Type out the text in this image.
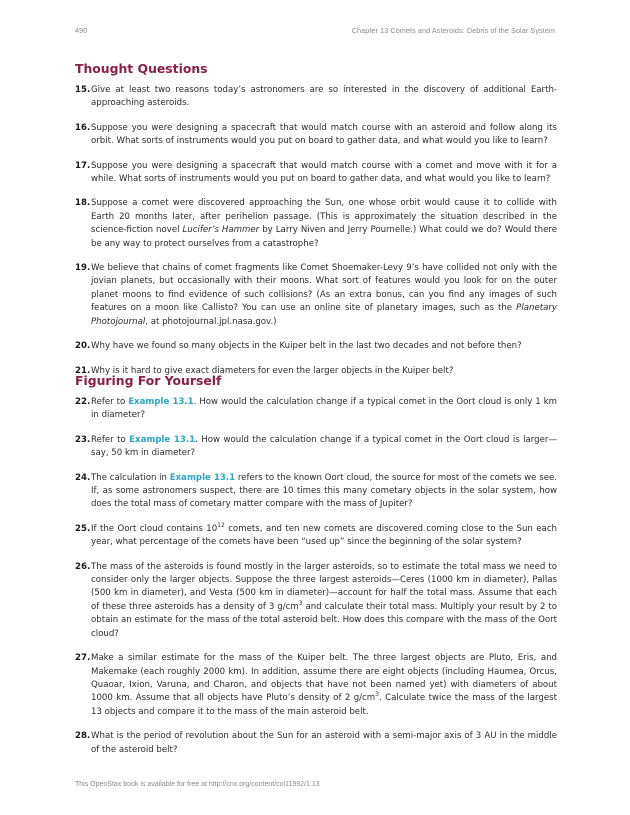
490	Chapter 13 Comets and Asteroids: Debris of the Solar System
Thought Questions
15. Give at least two reasons today’s astronomers are so interested in the discovery of additional Earth-approaching asteroids.
16. Suppose you were designing a spacecraft that would match course with an asteroid and follow along its orbit. What sorts of instruments would you put on board to gather data, and what would you like to learn?
17. Suppose you were designing a spacecraft that would match course with a comet and move with it for a while. What sorts of instruments would you put on board to gather data, and what would you like to learn?
18. Suppose a comet were discovered approaching the Sun, one whose orbit would cause it to collide with Earth 20 months later, after perihelion passage. (This is approximately the situation described in the science-fiction novel Lucifer’s Hammer by Larry Niven and Jerry Pournelle.) What could we do? Would there be any way to protect ourselves from a catastrophe?
19. We believe that chains of comet fragments like Comet Shoemaker-Levy 9’s have collided not only with the jovian planets, but occasionally with their moons. What sort of features would you look for on the outer planet moons to find evidence of such collisions? (As an extra bonus, can you find any images of such features on a moon like Callisto? You can use an online site of planetary images, such as the Planetary Photojournal, at photojournal.jpl.nasa.gov.)
20. Why have we found so many objects in the Kuiper belt in the last two decades and not before then?
21. Why is it hard to give exact diameters for even the larger objects in the Kuiper belt?
Figuring For Yourself
22. Refer to Example 13.1. How would the calculation change if a typical comet in the Oort cloud is only 1 km in diameter?
23. Refer to Example 13.1. How would the calculation change if a typical comet in the Oort cloud is larger—say, 50 km in diameter?
24. The calculation in Example 13.1 refers to the known Oort cloud, the source for most of the comets we see. If, as some astronomers suspect, there are 10 times this many cometary objects in the solar system, how does the total mass of cometary matter compare with the mass of Jupiter?
25. If the Oort cloud contains $10^{12}$ comets, and ten new comets are discovered coming close to the Sun each year, what percentage of the comets have been “used up” since the beginning of the solar system?
26. The mass of the asteroids is found mostly in the larger asteroids, so to estimate the total mass we need to consider only the larger objects. Suppose the three largest asteroids—Ceres (1000 km in diameter), Pallas (500 km in diameter), and Vesta (500 km in diameter)—account for half the total mass. Assume that each of these three asteroids has a density of 3 $g/cm^3$ and calculate their total mass. Multiply your result by 2 to obtain an estimate for the mass of the total asteroid belt. How does this compare with the mass of the Oort cloud?
27. Make a similar estimate for the mass of the Kuiper belt. The three largest objects are Pluto, Eris, and Makemake (each roughly 2000 km). In addition, assume there are eight objects (including Haumea, Orcus, Quaoar, Ixion, Varuna, and Charon, and objects that have not been named yet) with diameters of about 1000 km. Assume that all objects have Pluto’s density of 2 $g/cm^3$. Calculate twice the mass of the largest 13 objects and compare it to the mass of the main asteroid belt.
28. What is the period of revolution about the Sun for an asteroid with a semi-major axis of 3 AU in the middle of the asteroid belt?
This OpenStax book is available for free at http://cnx.org/content/col11992/1.13
